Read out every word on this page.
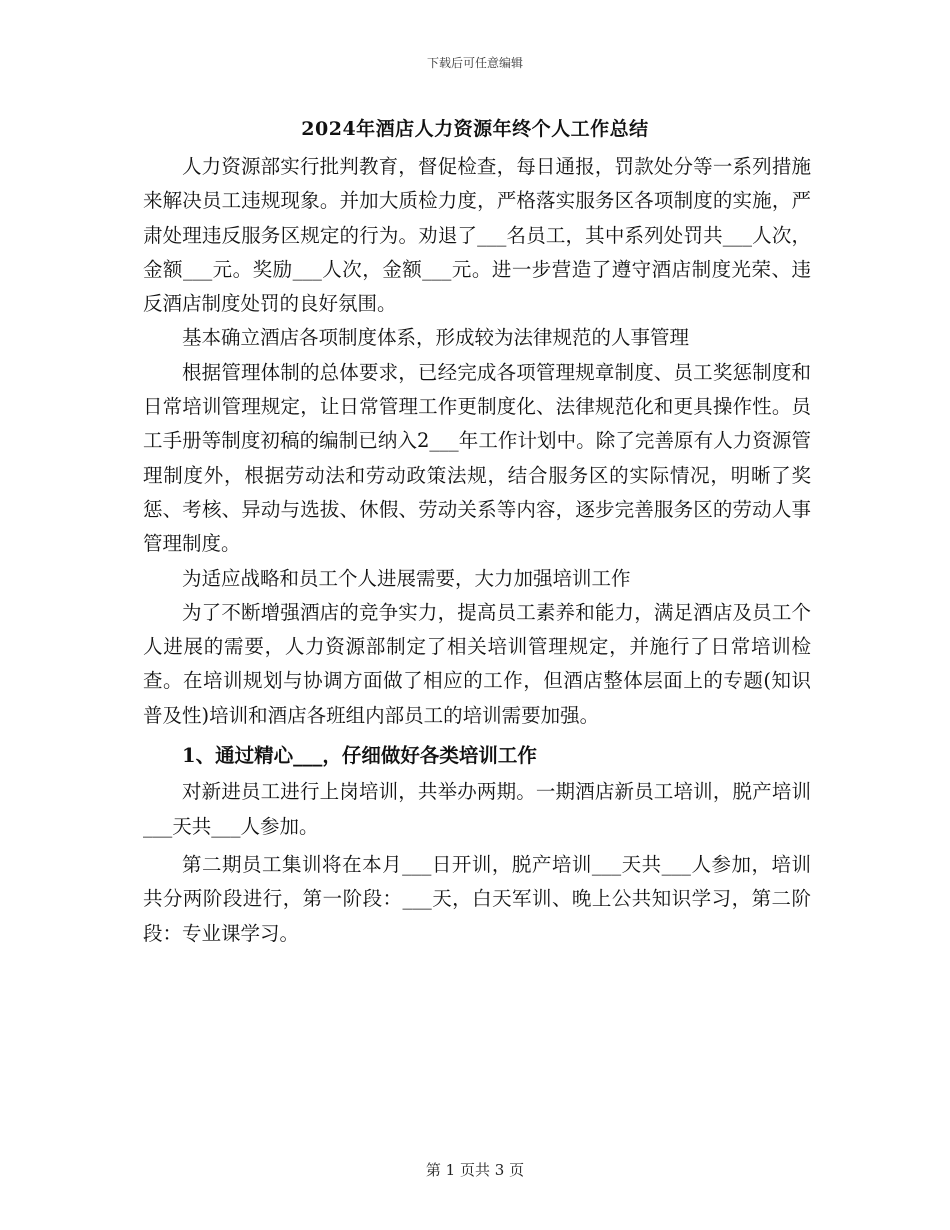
下载后可任意编辑
2024年酒店人力资源年终个人工作总结

人力资源部实行批判教育，督促检查，每日通报，罚款处分等一系列措施来解决员工违规现象。并加大质检力度，严格落实服务区各项制度的实施，严肃处理违反服务区规定的行为。劝退了___名员工，其中系列处罚共___人次，金额___元。奖励___人次，金额___元。进一步营造了遵守酒店制度光荣、违反酒店制度处罚的良好氛围。

基本确立酒店各项制度体系，形成较为法律规范的人事管理

根据管理体制的总体要求，已经完成各项管理规章制度、员工奖惩制度和日常培训管理规定，让日常管理工作更制度化、法律规范化和更具操作性。员工手册等制度初稿的编制已纳入2___年工作计划中。除了完善原有人力资源管理制度外，根据劳动法和劳动政策法规，结合服务区的实际情况，明晰了奖惩、考核、异动与选拔、休假、劳动关系等内容，逐步完善服务区的劳动人事管理制度。

为适应战略和员工个人进展需要，大力加强培训工作

为了不断增强酒店的竞争实力，提高员工素养和能力，满足酒店及员工个人进展的需要，人力资源部制定了相关培训管理规定，并施行了日常培训检查。在培训规划与协调方面做了相应的工作，但酒店整体层面上的专题(知识普及性)培训和酒店各班组内部员工的培训需要加强。

1、通过精心___，仔细做好各类培训工作

对新进员工进行上岗培训，共举办两期。一期酒店新员工培训，脱产培训___天共___人参加。

第二期员工集训将在本月___日开训，脱产培训___天共___人参加，培训共分两阶段进行，第一阶段：___天，白天军训、晚上公共知识学习，第二阶段：专业课学习。

第 1 页共 3 页
